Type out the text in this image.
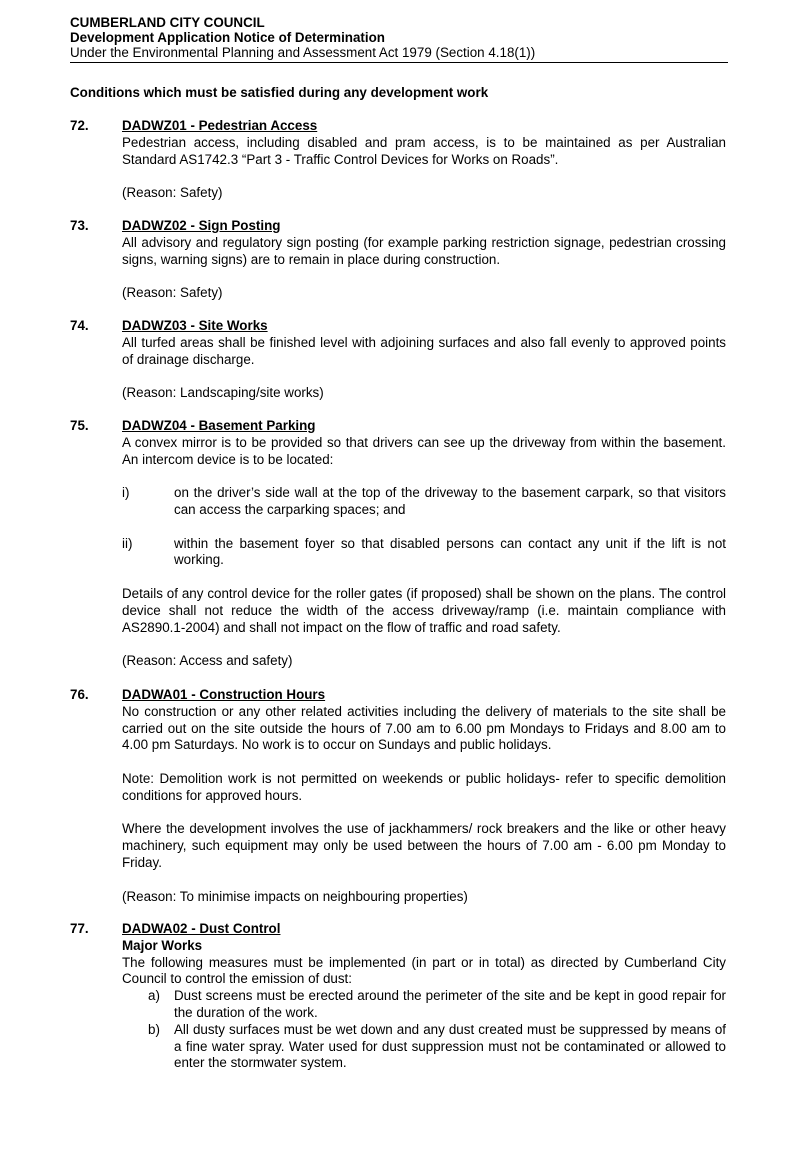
CUMBERLAND CITY COUNCIL
Development Application Notice of Determination
Under the Environmental Planning and Assessment Act 1979 (Section 4.18(1))
Conditions which must be satisfied during any development work
72. DADWZ01 - Pedestrian Access

Pedestrian access, including disabled and pram access, is to be maintained as per Australian Standard AS1742.3 “Part 3 - Traffic Control Devices for Works on Roads”.

(Reason: Safety)

73. DADWZ02 - Sign Posting

All advisory and regulatory sign posting (for example parking restriction signage, pedestrian crossing signs, warning signs) are to remain in place during construction.

(Reason: Safety)

74. DADWZ03 - Site Works

All turfed areas shall be finished level with adjoining surfaces and also fall evenly to approved points of drainage discharge.

(Reason: Landscaping/site works)

75. DADWZ04 - Basement Parking

A convex mirror is to be provided so that drivers can see up the driveway from within the basement. An intercom device is to be located:

i)	on the driver’s side wall at the top of the driveway to the basement carpark, so that visitors can access the carparking spaces; and
ii)	within the basement foyer so that disabled persons can contact any unit if the lift is not working.

Details of any control device for the roller gates (if proposed) shall be shown on the plans. The control device shall not reduce the width of the access driveway/ramp (i.e. maintain compliance with AS2890.1-2004) and shall not impact on the flow of traffic and road safety.

(Reason: Access and safety)

76. DADWA01 - Construction Hours

No construction or any other related activities including the delivery of materials to the site shall be carried out on the site outside the hours of 7.00 am to 6.00 pm Mondays to Fridays and 8.00 am to 4.00 pm Saturdays. No work is to occur on Sundays and public holidays.

Note: Demolition work is not permitted on weekends or public holidays- refer to specific demolition conditions for approved hours.

Where the development involves the use of jackhammers/ rock breakers and the like or other heavy machinery, such equipment may only be used between the hours of 7.00 am - 6.00 pm Monday to Friday.

(Reason: To minimise impacts on neighbouring properties)

77. DADWA02 - Dust Control
Major Works

The following measures must be implemented (in part or in total) as directed by Cumberland City Council to control the emission of dust:

a) Dust screens must be erected around the perimeter of the site and be kept in good repair for the duration of the work.
b) All dusty surfaces must be wet down and any dust created must be suppressed by means of a fine water spray. Water used for dust suppression must not be contaminated or allowed to enter the stormwater system.
